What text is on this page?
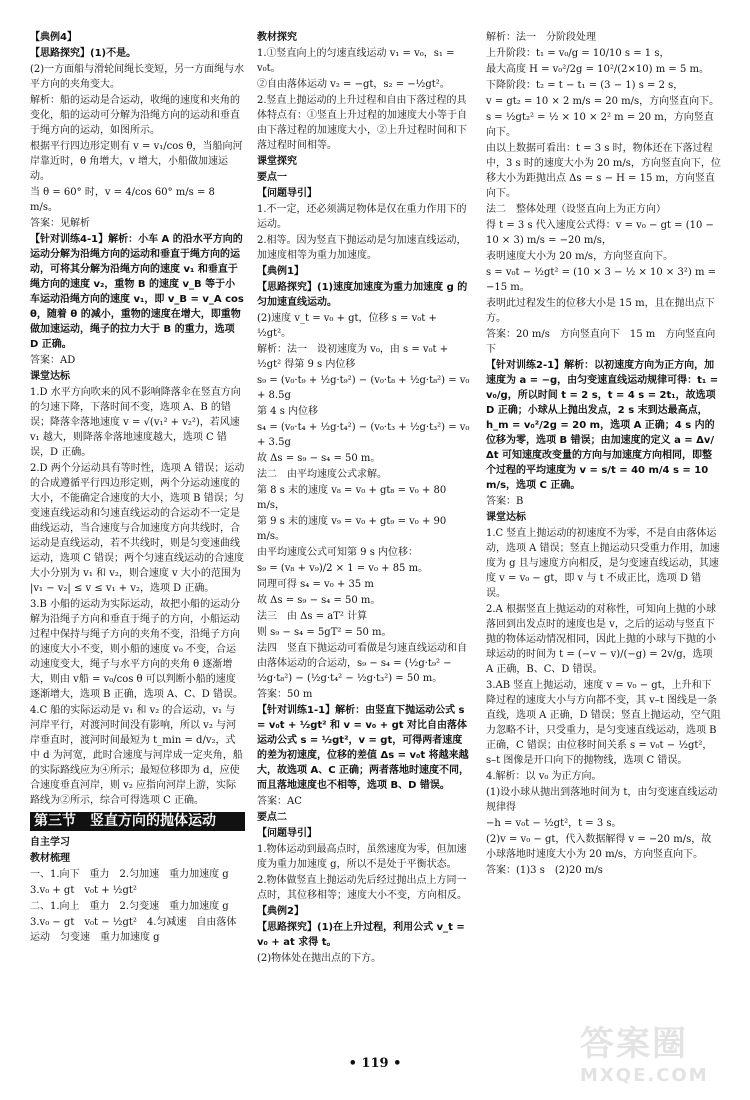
【典例4】
【思路探究】(1)不是。
(2)一方面船与滑轮间绳长变短，另一方面绳与水平方向的夹角变大。
解析：船的运动是合运动，收绳的速度和夹角的变化，船的运动可分解为沿绳方向的运动和垂直于绳方向的运动，如图所示。
根据平行四边形定则有 v = v₁/cos θ，当船向河岸靠近时，θ 角增大，v 增大，小船做加速运动。
当 θ = 60° 时，v = 4/cos 60° m/s = 8 m/s。
答案：见解析
【针对训练4-1】解析：小车 A 的沿水平方向的运动分解为沿绳方向的运动和垂直于绳方向的运动，可将其分解为沿绳方向的速度 v₁ 和垂直于绳方向的速度 v₂，重物 B 的速度 v_B 等于小车运动沿绳方向的速度 v₁，即 v_B = v_A cos θ，随着 θ 的减小，重物的速度在增大，即重物做加速运动，绳子的拉力大于 B 的重力，选项 D 正确。
答案：AD
课堂达标
1.D 水平方向吹来的风不影响降落伞在竖直方向的匀速下降，下落时间不变，选项 A、B 的错误；降落伞落地速度 v = √(v₁² + v₂²)，若风速 v₁ 越大，则降落伞落地速度越大，选项 C 错误，D 正确。
2.D 两个分运动具有等时性，选项 A 错误；运动的合成遵循平行四边形定则，两个分运动速度的大小，不能确定合速度的大小，选项 B 错误；匀变速直线运动和匀速直线运动的合运动不一定是曲线运动，当合速度与合加速度方向共线时，合运动是直线运动，若不共线时，则是匀变速曲线运动，选项 C 错误；两个匀速直线运动的合速度大小分别为 v₁ 和 v₂，则合速度 v 大小的范围为 |v₁ − v₂| ≤ v ≤ v₁ + v₂，选项 D 正确。
3.B 小船的运动为实际运动，故把小船的运动分解为沿绳子方向和垂直于绳子的方向，小船运动过程中保持与绳子方向的夹角不变，沿绳子方向的速度大小不变，则小船的速度 v₀ 不变，合运动速度变大，绳子与水平方向的夹角 θ 逐渐增大，则由 v船 = v₀/cos θ 可以判断小船的速度逐渐增大，选项 B 正确，选项 A、C、D 错误。
4.C 船的实际运动是 v₁ 和 v₂ 的合运动，v₁ 与河岸平行，对渡河时间没有影响，所以 v₂ 与河岸垂直时，渡河时间最短为 t_min = d/v₂，式中 d 为河宽，此时合速度与河岸成一定夹角，船的实际路线应为④所示；最短位移即为 d，应使合速度垂直河岸，则 v₂ 应指向河岸上游，实际路线为②所示，综合可得选项 C 正确。
第三节　竖直方向的抛体运动
自主学习
教材梳理
一、1.向下　重力　2.匀加速　重力加速度 g
3.v₀ + gt　v₀t + ½gt²
二、1.向上　重力　2.匀变速　重力加速度 g
3.v₀ − gt　v₀t − ½gt²　4.匀减速　自由落体运动　匀变速　重力加速度 g
教材探究
1.①竖直向上的匀速直线运动 v₁ = v₀，s₁ = v₀t。
②自由落体运动 v₂ = −gt，s₂ = −½gt²。
2.竖直上抛运动的上升过程和自由下落过程的具体特点有：①竖直上升过程的加速度大小等于自由下落过程的加速度大小，②上升过程时间和下落过程时间相等。
课堂探究
要点一
【问题导引】
1.不一定，还必须满足物体是仅在重力作用下的运动。
2.相等。因为竖直下抛运动是匀加速直线运动，加速度相等为重力加速度。
【典例1】
【思路探究】(1)速度加速度为重力加速度 g 的匀加速直线运动。
(2)速度 v_t = v₀ + gt，位移 s = v₀t + ½gt²。
解析：法一　设初速度为 v₀，由 s = v₀t + ½gt² 得第 9 s 内位移
s₉ = (v₀·t₉ + ½g·t₉²) − (v₀·t₈ + ½g·t₈²) = v₀ + 8.5g
第 4 s 内位移
s₄ = (v₀·t₄ + ½g·t₄²) − (v₀·t₃ + ½g·t₃²) = v₀ + 3.5g
故 Δs = s₉ − s₄ = 50 m。
法二　由平均速度公式求解。
第 8 s 末的速度 v₈ = v₀ + gt₈ = v₀ + 80 m/s，
第 9 s 末的速度 v₉ = v₀ + gt₉ = v₀ + 90 m/s。
由平均速度公式可知第 9 s 内位移：
s₉ = (v₈ + v₉)/2 × 1 = v₀ + 85 m。
同理可得 s₄ = v₀ + 35 m
故 Δs = s₉ − s₄ = 50 m。
法三　由 Δs = aT² 计算
则 s₉ − s₄ = 5gT² = 50 m。
法四　竖直下抛运动可看做是匀速直线运动和自由落体运动的合运动，s₉ − s₄ = (½g·t₉² − ½g·t₈²) − (½g·t₄² − ½g·t₃²) = 50 m。
答案：50 m
【针对训练1-1】解析：由竖直下抛运动公式 s = v₀t + ½gt² 和 v = v₀ + gt 对比自由落体运动公式 s = ½gt²，v = gt，可得两者速度的差为初速度，位移的差值 Δs = v₀t 将越来越大，故选项 A、C 正确；两者落地时速度不同，而且落地速度也不相等，选项 B、D 错误。
答案：AC
要点二
【问题导引】
1.物体运动到最高点时，虽然速度为零，但加速度为重力加速度 g，所以不是处于平衡状态。
2.物体做竖直上抛运动先后经过抛出点上方同一点时，其位移相等；速度大小不变，方向相反。
【典例2】
【思路探究】(1)在上升过程，利用公式 v_t = v₀ + at 求得 t。
(2)物体处在抛出点的下方。
解析：法一　分阶段处理
上升阶段：t₁ = v₀/g = 10/10 s = 1 s，
最大高度 H = v₀²/2g = 10²/(2×10) m = 5 m。
下降阶段：t₂ = t − t₁ = (3 − 1) s = 2 s，
v = gt₂ = 10 × 2 m/s = 20 m/s，方向竖直向下。
s = ½gt₂² = ½ × 10 × 2² m = 20 m，方向竖直向下。
由以上数据可看出：t = 3 s 时，物体还在下落过程中，3 s 时的速度大小为 20 m/s，方向竖直向下，位移大小为距抛出点 Δs = s − H = 15 m，方向竖直向下。
法二　整体处理（设竖直向上为正方向）
得 t = 3 s 代入速度公式得：v = v₀ − gt = (10 − 10 × 3) m/s = −20 m/s，
表明速度大小为 20 m/s，方向竖直向下。
s = v₀t − ½gt² = (10 × 3 − ½ × 10 × 3²) m = −15 m。
表明此过程发生的位移大小是 15 m，且在抛出点下方。
答案：20 m/s　方向竖直向下　15 m　方向竖直向下
【针对训练2-1】解析：以初速度方向为正方向，加速度为 a = −g，由匀变速直线运动规律可得：t₁ = v₀/g，所以时间 t = 2 s，t = 4 s = 2t₁，故选项 D 正确；小球从上抛出发点，2 s 末到达最高点，h_m = v₀²/2g = 20 m，选项 A 正确；4 s 内的位移为零，选项 B 错误；由加速度的定义 a = Δv/Δt 可知速度改变量的方向与加速度方向相同，即整个过程的平均速度为 v = s/t = 40 m/4 s = 10 m/s，选项 C 正确。
答案：B
课堂达标
1.C 竖直上抛运动的初速度不为零，不是自由落体运动，选项 A 错误；竖直上抛运动只受重力作用，加速度为 g 且与速度方向相反，是匀变速直线运动，其速度 v = v₀ − gt，即 v 与 t 不成正比，选项 D 错误。
2.A 根据竖直上抛运动的对称性，可知向上抛的小球落回到出发点时的速度也是 v，之后的运动与竖直下抛的物体运动情况相同，因此上抛的小球与下抛的小球运动的时间为 t = (−v − v)/(−g) = 2v/g，选项 A 正确，B、C、D 错误。
3.AB 竖直上抛运动，速度 v = v₀ − gt，上升和下降过程的速度大小与方向都不变，其 v–t 图线是一条直线，选项 A 正确，D 错误；竖直上抛运动，空气阻力忽略不计，只受重力，是匀变速直线运动，选项 B 正确，C 错误；由位移时间关系 s = v₀t − ½gt²，s–t 图像是开口向下的抛物线，选项 C 错误。
4.解析：以 v₀ 为正方向。
(1)设小球从抛出到落地时间为 t，由匀变速直线运动规律得
−h = v₀t − ½gt²，t = 3 s。
(2)v = v₀ − gt，代入数据解得 v = −20 m/s，故小球落地时速度大小为 20 m/s，方向竖直向下。
答案：(1)3 s　(2)20 m/s
• 119 •	答案圈
MXQE.COM
